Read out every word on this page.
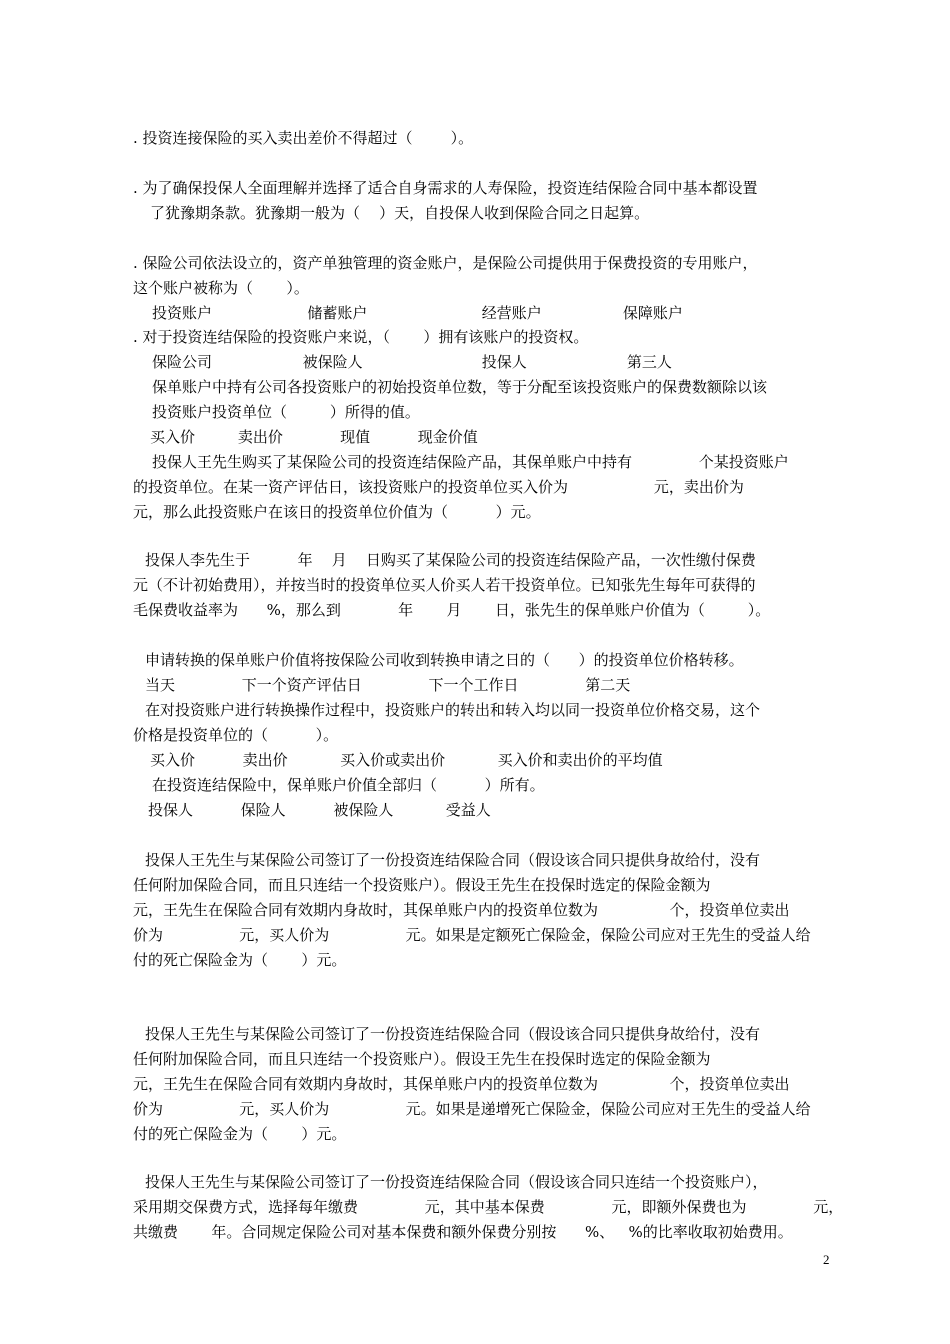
. 投资连接保险的买入卖出差价不得超过（        ）。
. 为了确保投保人全面理解并选择了适合自身需求的人寿保险，投资连结保险合同中基本都设置
了犹豫期条款。犹豫期一般为（    ）天，自投保人收到保险合同之日起算。
. 保险公司依法设立的，资产单独管理的资金账户，是保险公司提供用于保费投资的专用账户，
这个账户被称为（       ）。
投资账户                    储蓄账户                        经营账户                 保障账户
. 对于投资连结保险的投资账户来说，（       ）拥有该账户的投资权。
保险公司                   被保险人                         投保人                     第三人
保单账户中持有公司各投资账户的初始投资单位数，等于分配至该投资账户的保费数额除以该
投资账户投资单位（         ）所得的值。
买入价         卖出价            现值          现金价值
投保人王先生购买了某保险公司的投资连结保险产品，其保单账户中持有              个某投资账户
的投资单位。在某一资产评估日，该投资账户的投资单位买入价为                  元，卖出价为
元，那么此投资账户在该日的投资单位价值为（          ）元。
投保人李先生于          年    月    日购买了某保险公司的投资连结保险产品，一次性缴付保费
元（不计初始费用），并按当时的投资单位买人价买人若干投资单位。已知张先生每年可获得的
毛保费收益率为      %，那么到            年       月       日，张先生的保单账户价值为（         ）。
申请转换的保单账户价值将按保险公司收到转换申请之日的（      ）的投资单位价格转移。
当天              下一个资产评估日              下一个工作日              第二天
在对投资账户进行转换操作过程中，投资账户的转出和转入均以同一投资单位价格交易，这个
价格是投资单位的（          ）。
买入价          卖出价           买入价或卖出价           买入价和卖出价的平均值
在投资连结保险中，保单账户价值全部归（          ）所有。
投保人          保险人          被保险人           受益人
投保人王先生与某保险公司签订了一份投资连结保险合同（假设该合同只提供身故给付，没有
任何附加保险合同，而且只连结一个投资账户）。假设王先生在投保时选定的保险金额为
元，王先生在保险合同有效期内身故时，其保单账户内的投资单位数为               个，投资单位卖出
价为                元，买人价为                元。如果是定额死亡保险金，保险公司应对王先生的受益人给
付的死亡保险金为（       ）元。
投保人王先生与某保险公司签订了一份投资连结保险合同（假设该合同只提供身故给付，没有
任何附加保险合同，而且只连结一个投资账户）。假设王先生在投保时选定的保险金额为
元，王先生在保险合同有效期内身故时，其保单账户内的投资单位数为               个，投资单位卖出
价为                元，买人价为                元。如果是递增死亡保险金，保险公司应对王先生的受益人给
付的死亡保险金为（       ）元。
投保人王先生与某保险公司签订了一份投资连结保险合同（假设该合同只连结一个投资账户），
采用期交保费方式，选择每年缴费              元，其中基本保费              元，即额外保费也为              元，
共缴费       年。合同规定保险公司对基本保费和额外保费分别按      %、   %的比率收取初始费用。
2
